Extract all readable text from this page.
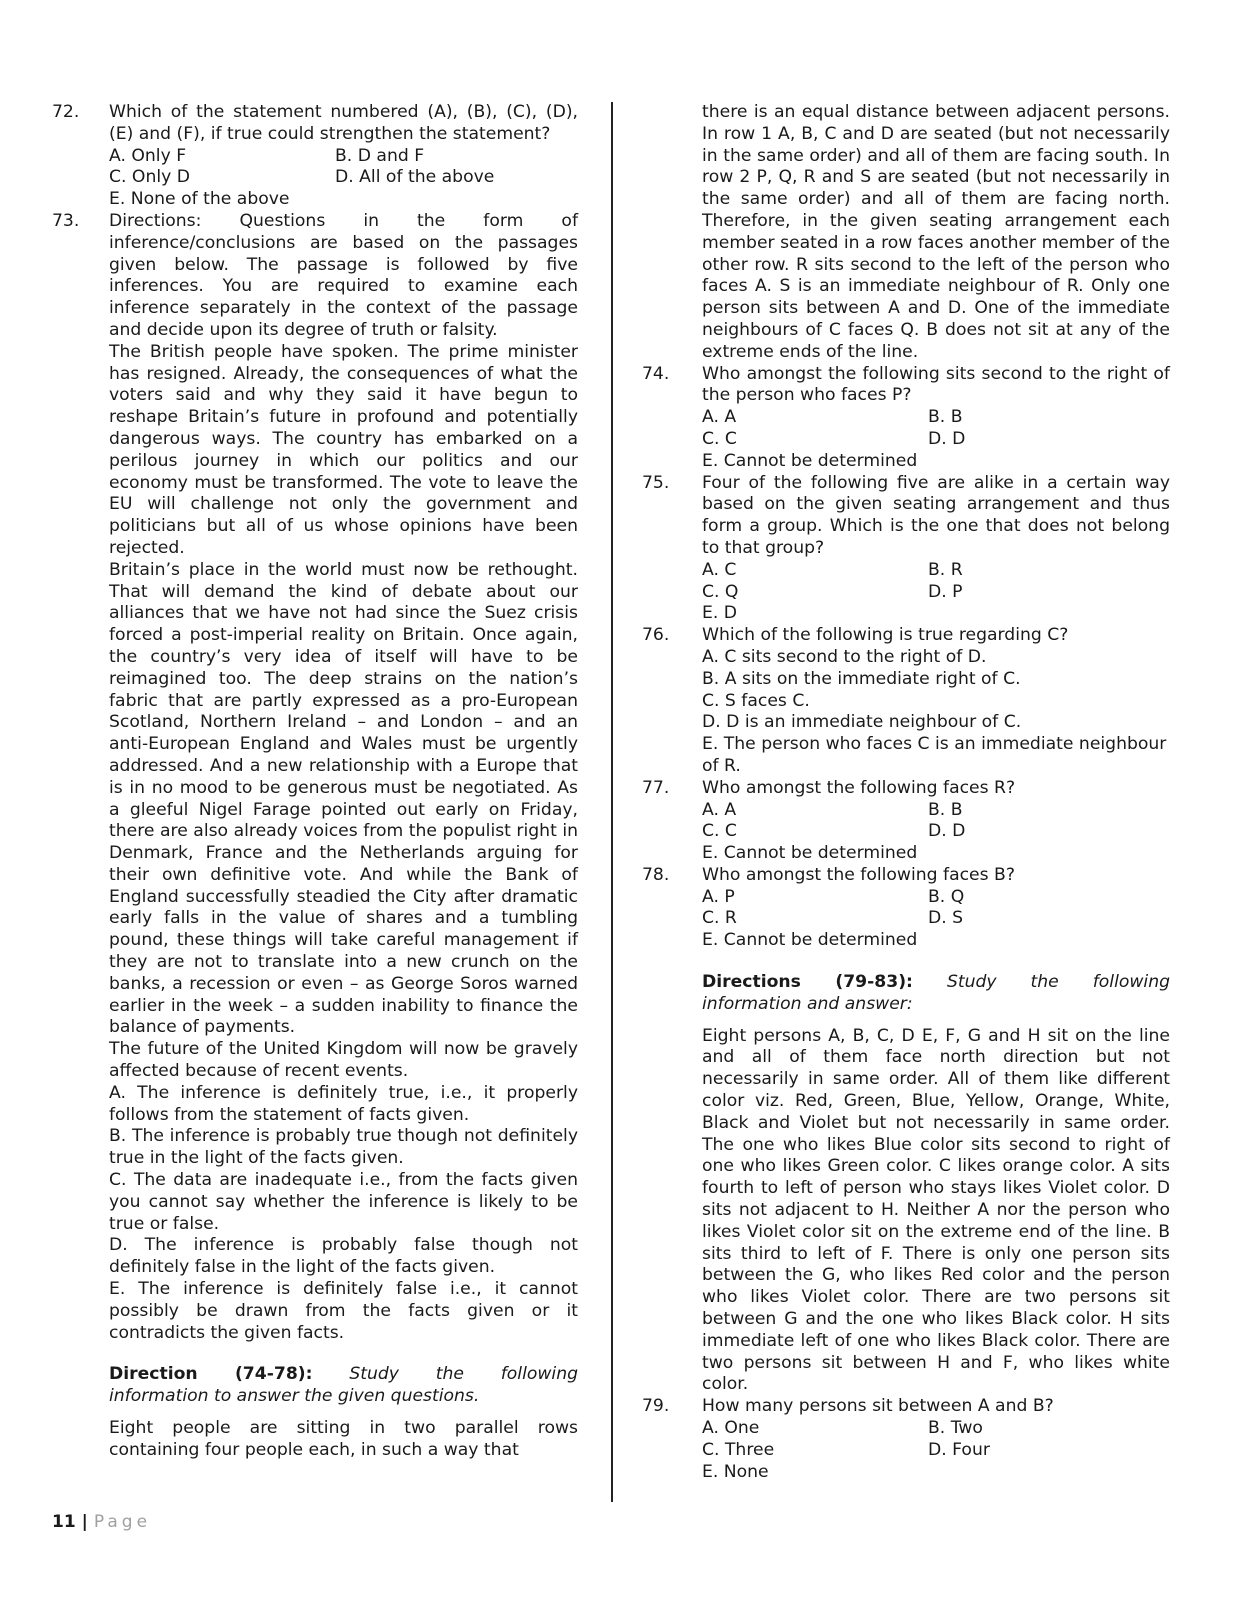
72. Which of the statement numbered (A), (B), (C), (D), (E) and (F), if true could strengthen the statement?
A. Only F	B. D and F
C. Only D	D. All of the above
E. None of the above
73. Directions: Questions in the form of inference/conclusions are based on the passages given below. The passage is followed by five inferences. You are required to examine each inference separately in the context of the passage and decide upon its degree of truth or falsity.
The British people have spoken. The prime minister has resigned. Already, the consequences of what the voters said and why they said it have begun to reshape Britain’s future in profound and potentially dangerous ways. The country has embarked on a perilous journey in which our politics and our economy must be transformed. The vote to leave the EU will challenge not only the government and politicians but all of us whose opinions have been rejected.
Britain’s place in the world must now be rethought. That will demand the kind of debate about our alliances that we have not had since the Suez crisis forced a post-imperial reality on Britain. Once again, the country’s very idea of itself will have to be reimagined too. The deep strains on the nation’s fabric that are partly expressed as a pro-European Scotland, Northern Ireland – and London – and an anti-European England and Wales must be urgently addressed. And a new relationship with a Europe that is in no mood to be generous must be negotiated. As a gleeful Nigel Farage pointed out early on Friday, there are also already voices from the populist right in Denmark, France and the Netherlands arguing for their own definitive vote. And while the Bank of England successfully steadied the City after dramatic early falls in the value of shares and a tumbling pound, these things will take careful management if they are not to translate into a new crunch on the banks, a recession or even – as George Soros warned earlier in the week – a sudden inability to finance the balance of payments.
The future of the United Kingdom will now be gravely affected because of recent events.
A. The inference is definitely true, i.e., it properly follows from the statement of facts given.
B. The inference is probably true though not definitely true in the light of the facts given.
C. The data are inadequate i.e., from the facts given you cannot say whether the inference is likely to be true or false.
D. The inference is probably false though not definitely false in the light of the facts given.
E. The inference is definitely false i.e., it cannot possibly be drawn from the facts given or it contradicts the given facts.
Direction (74-78): Study the following
information to answer the given questions.
Eight people are sitting in two parallel rows containing four people each, in such a way that
there is an equal distance between adjacent persons. In row 1 A, B, C and D are seated (but not necessarily in the same order) and all of them are facing south. In row 2 P, Q, R and S are seated (but not necessarily in the same order) and all of them are facing north. Therefore, in the given seating arrangement each member seated in a row faces another member of the other row. R sits second to the left of the person who faces A. S is an immediate neighbour of R. Only one person sits between A and D. One of the immediate neighbours of C faces Q. B does not sit at any of the extreme ends of the line.
74. Who amongst the following sits second to the right of the person who faces P?
A. A	B. B
C. C	D. D
E. Cannot be determined
75. Four of the following five are alike in a certain way based on the given seating arrangement and thus form a group. Which is the one that does not belong to that group?
A. C	B. R
C. Q	D. P
E. D
76. Which of the following is true regarding C?
A. C sits second to the right of D.
B. A sits on the immediate right of C.
C. S faces C.
D. D is an immediate neighbour of C.
E. The person who faces C is an immediate neighbour of R.
77. Who amongst the following faces R?
A. A	B. B
C. C	D. D
E. Cannot be determined
78. Who amongst the following faces B?
A. P	B. Q
C. R	D. S
E. Cannot be determined
Directions (79-83): Study the following
information and answer:
Eight persons A, B, C, D E, F, G and H sit on the line and all of them face north direction but not necessarily in same order. All of them like different color viz. Red, Green, Blue, Yellow, Orange, White, Black and Violet but not necessarily in same order. The one who likes Blue color sits second to right of one who likes Green color. C likes orange color. A sits fourth to left of person who stays likes Violet color. D sits not adjacent to H. Neither A nor the person who likes Violet color sit on the extreme end of the line. B sits third to left of F. There is only one person sits between the G, who likes Red color and the person who likes Violet color. There are two persons sit between G and the one who likes Black color. H sits immediate left of one who likes Black color. There are two persons sit between H and F, who likes white color.
79. How many persons sit between A and B?
A. One	B. Two
C. Three	D. Four
E. None
11 | Page
